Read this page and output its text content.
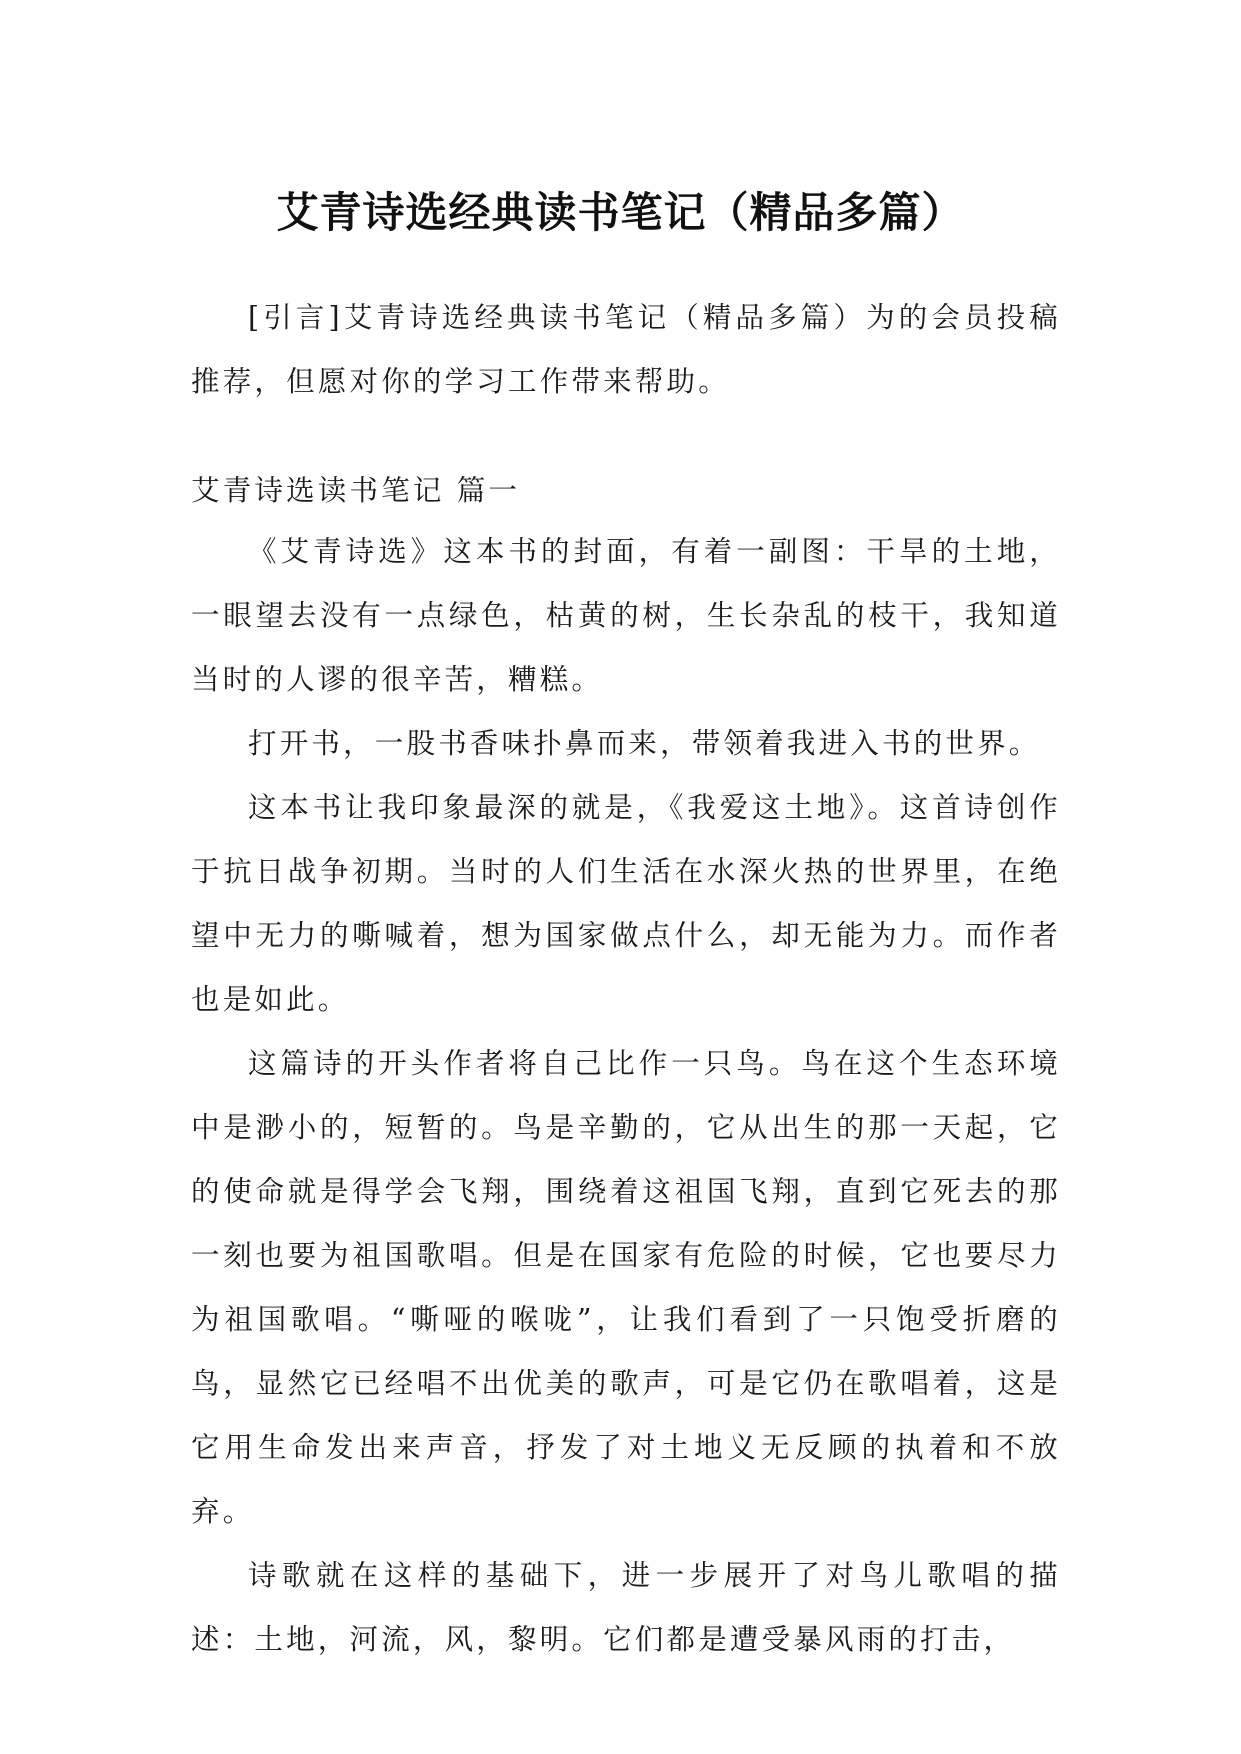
艾青诗选经典读书笔记（精品多篇）

[引言]艾青诗选经典读书笔记（精品多篇）为的会员投稿推荐，但愿对你的学习工作带来帮助。

艾青诗选读书笔记 篇一

《艾青诗选》这本书的封面，有着一副图：干旱的土地，一眼望去没有一点绿色，枯黄的树，生长杂乱的枝干，我知道当时的人谬的很辛苦，糟糕。

打开书，一股书香味扑鼻而来，带领着我进入书的世界。

这本书让我印象最深的就是，《我爱这土地》。这首诗创作于抗日战争初期。当时的人们生活在水深火热的世界里，在绝望中无力的嘶喊着，想为国家做点什么，却无能为力。而作者也是如此。

这篇诗的开头作者将自己比作一只鸟。鸟在这个生态环境中是渺小的，短暂的。鸟是辛勤的，它从出生的那一天起，它的使命就是得学会飞翔，围绕着这祖国飞翔，直到它死去的那一刻也要为祖国歌唱。但是在国家有危险的时候，它也要尽力为祖国歌唱。“嘶哑的喉咙”，让我们看到了一只饱受折磨的鸟，显然它已经唱不出优美的歌声，可是它仍在歌唱着，这是它用生命发出来声音，抒发了对土地义无反顾的执着和不放弃。

诗歌就在这样的基础下，进一步展开了对鸟儿歌唱的描述：土地，河流，风，黎明。它们都是遭受暴风雨的打击，
